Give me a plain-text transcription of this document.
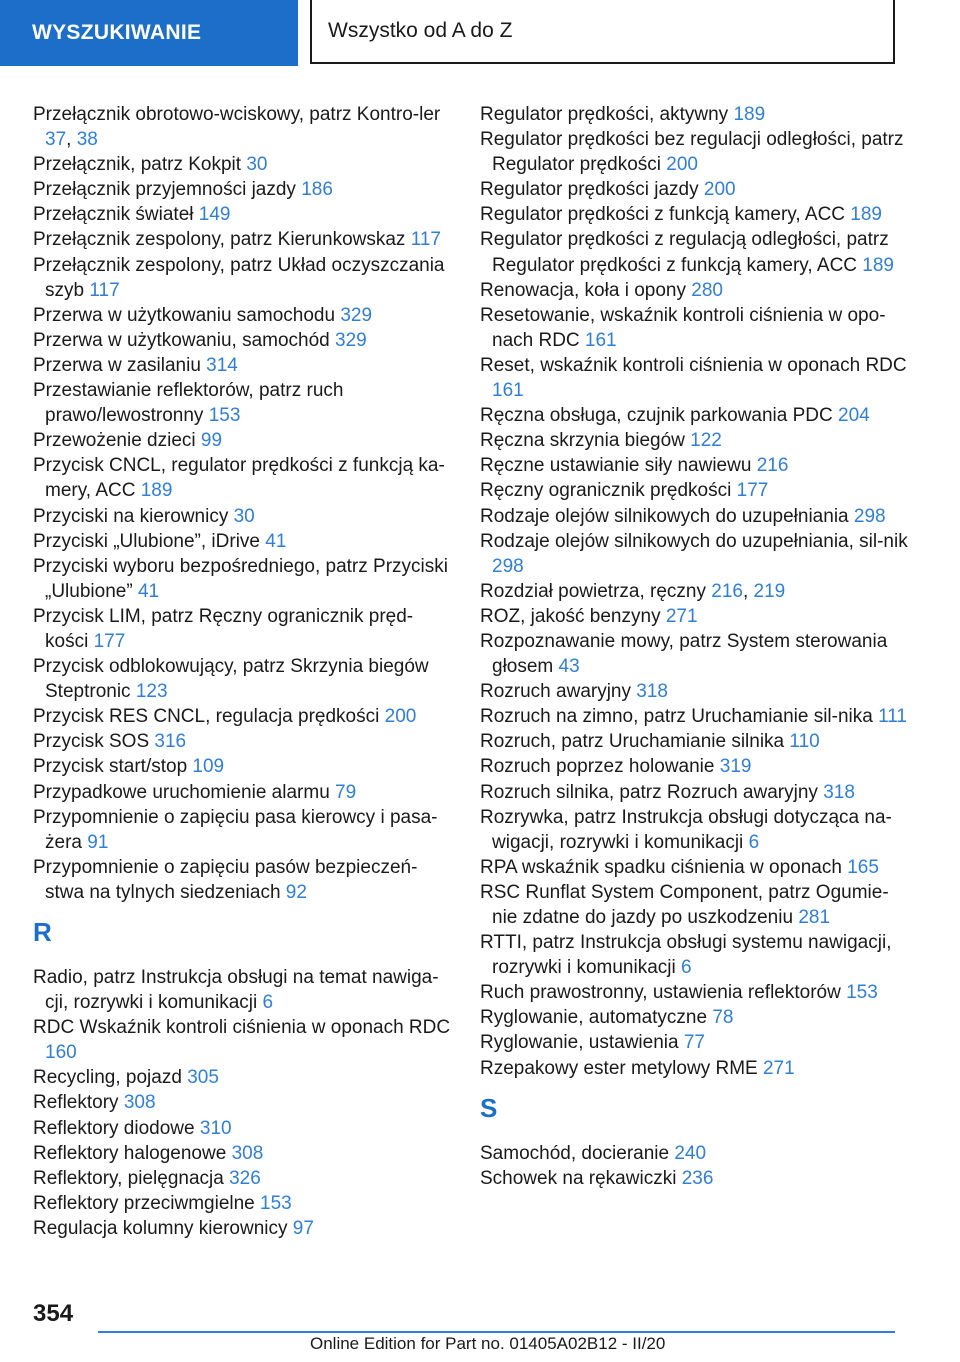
WYSZUKIWANIE	Wszystko od A do Z
Przełącznik obrotowo-wciskowy, patrz Kontro-ler 37, 38
Przełącznik, patrz Kokpit 30
Przełącznik przyjemności jazdy 186
Przełącznik świateł 149
Przełącznik zespolony, patrz Kierunkowskaz 117
Przełącznik zespolony, patrz Układ oczyszczania szyb 117
Przerwa w użytkowaniu samochodu 329
Przerwa w użytkowaniu, samochód 329
Przerwa w zasilaniu 314
Przestawianie reflektorów, patrz ruch prawo/lewostronny 153
Przewożenie dzieci 99
Przycisk CNCL, regulator prędkości z funkcją ka-mery, ACC 189
Przyciski na kierownicy 30
Przyciski „Ulubione”, iDrive 41
Przyciski wyboru bezpośredniego, patrz Przyciski „Ulubione” 41
Przycisk LIM, patrz Ręczny ogranicznik pręd-kości 177
Przycisk odblokowujący, patrz Skrzynia biegów Steptronic 123
Przycisk RES CNCL, regulacja prędkości 200
Przycisk SOS 316
Przycisk start/stop 109
Przypadkowe uruchomienie alarmu 79
Przypomnienie o zapięciu pasa kierowcy i pasa-żera 91
Przypomnienie o zapięciu pasów bezpieczeń-stwa na tylnych siedzeniach 92
R
Radio, patrz Instrukcja obsługi na temat nawiga-cji, rozrywki i komunikacji 6
RDC Wskaźnik kontroli ciśnienia w oponach RDC 160
Recycling, pojazd 305
Reflektory 308
Reflektory diodowe 310
Reflektory halogenowe 308
Reflektory, pielęgnacja 326
Reflektory przeciwmgielne 153
Regulacja kolumny kierownicy 97
Regulator prędkości, aktywny 189
Regulator prędkości bez regulacji odległości, patrz Regulator prędkości 200
Regulator prędkości jazdy 200
Regulator prędkości z funkcją kamery, ACC 189
Regulator prędkości z regulacją odległości, patrz Regulator prędkości z funkcją kamery, ACC 189
Renowacja, koła i opony 280
Resetowanie, wskaźnik kontroli ciśnienia w opo-nach RDC 161
Reset, wskaźnik kontroli ciśnienia w oponach RDC 161
Ręczna obsługa, czujnik parkowania PDC 204
Ręczna skrzynia biegów 122
Ręczne ustawianie siły nawiewu 216
Ręczny ogranicznik prędkości 177
Rodzaje olejów silnikowych do uzupełniania 298
Rodzaje olejów silnikowych do uzupełniania, sil-nik 298
Rozdział powietrza, ręczny 216, 219
ROZ, jakość benzyny 271
Rozpoznawanie mowy, patrz System sterowania głosem 43
Rozruch awaryjny 318
Rozruch na zimno, patrz Uruchamianie sil-nika 111
Rozruch, patrz Uruchamianie silnika 110
Rozruch poprzez holowanie 319
Rozruch silnika, patrz Rozruch awaryjny 318
Rozrywka, patrz Instrukcja obsługi dotycząca na-wigacji, rozrywki i komunikacji 6
RPA wskaźnik spadku ciśnienia w oponach 165
RSC Runflat System Component, patrz Ogumie-nie zdatne do jazdy po uszkodzeniu 281
RTTI, patrz Instrukcja obsługi systemu nawigacji, rozrywki i komunikacji 6
Ruch prawostronny, ustawienia reflektorów 153
Ryglowanie, automatyczne 78
Ryglowanie, ustawienia 77
Rzepakowy ester metylowy RME 271
S
Samochód, docieranie 240
Schowek na rękawiczki 236
354
Online Edition for Part no. 01405A02B12 - II/20
